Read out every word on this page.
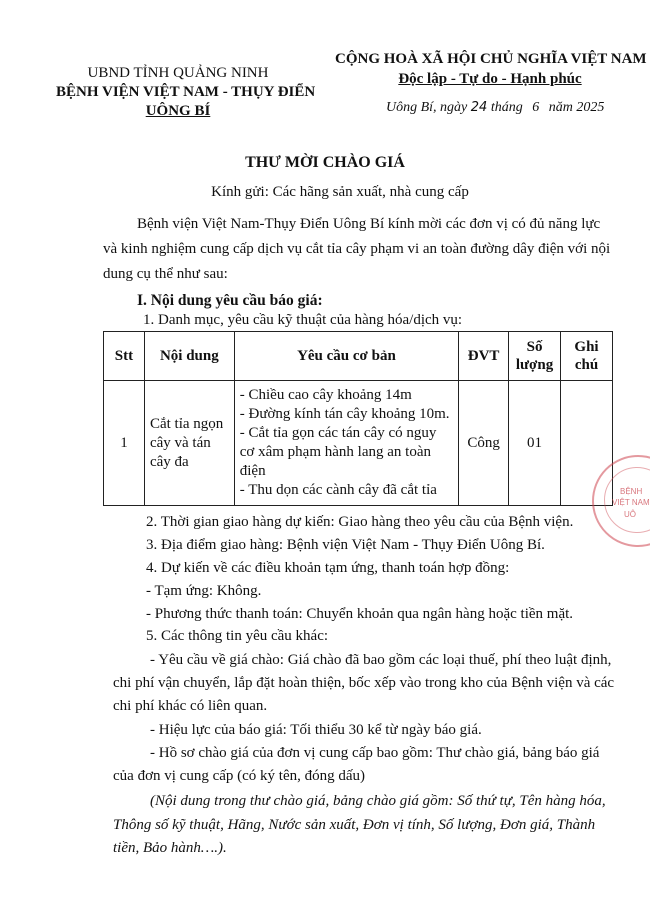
UBND TỈNH QUẢNG NINH
BỆNH VIỆN VIỆT NAM - THỤY ĐIỂN
UÔNG BÍ
CỘNG HOÀ XÃ HỘI CHỦ NGHĨA VIỆT NAM
Độc lập - Tự do - Hạnh phúc
Uông Bí, ngày 24 tháng 6 năm 2025
THƯ MỜI CHÀO GIÁ
Kính gửi: Các hãng sản xuất, nhà cung cấp
Bệnh viện Việt Nam-Thụy Điển Uông Bí kính mời các đơn vị có đủ năng lực
và kinh nghiệm cung cấp dịch vụ cắt tỉa cây phạm vi an toàn đường dây điện với nội
dung cụ thể như sau:
I. Nội dung yêu cầu báo giá:
1. Danh mục, yêu cầu kỹ thuật của hàng hóa/dịch vụ:
Stt	Nội dung	Yêu cầu cơ bản	ĐVT	Số lượng	Ghi chú
1	Cắt tỉa ngọn cây và tán cây đa	- Chiều cao cây khoảng 14m
- Đường kính tán cây khoảng 10m.
- Cắt tỉa gọn các tán cây có nguy cơ xâm phạm hành lang an toàn điện
- Thu dọn các cành cây đã cắt tỉa	Công	01	
BỆNH
VIỆT NAM
UÔ
2. Thời gian giao hàng dự kiến: Giao hàng theo yêu cầu của Bệnh viện.
3. Địa điểm giao hàng: Bệnh viện Việt Nam - Thụy Điển Uông Bí.
4. Dự kiến về các điều khoản tạm ứng, thanh toán hợp đồng:
- Tạm ứng: Không.
- Phương thức thanh toán: Chuyển khoản qua ngân hàng hoặc tiền mặt.
5. Các thông tin yêu cầu khác:
- Yêu cầu về giá chào: Giá chào đã bao gồm các loại thuế, phí theo luật định,
chi phí vận chuyển, lắp đặt hoàn thiện, bốc xếp vào trong kho của Bệnh viện và các
chi phí khác có liên quan.
- Hiệu lực của báo giá: Tối thiểu 30 kể từ ngày báo giá.
- Hồ sơ chào giá của đơn vị cung cấp bao gồm: Thư chào giá, bảng báo giá
của đơn vị cung cấp (có ký tên, đóng dấu)
(Nội dung trong thư chào giá, bảng chào giá gồm: Số thứ tự, Tên hàng hóa,
Thông số kỹ thuật, Hãng, Nước sản xuất, Đơn vị tính, Số lượng, Đơn giá, Thành
tiền, Bảo hành….).
